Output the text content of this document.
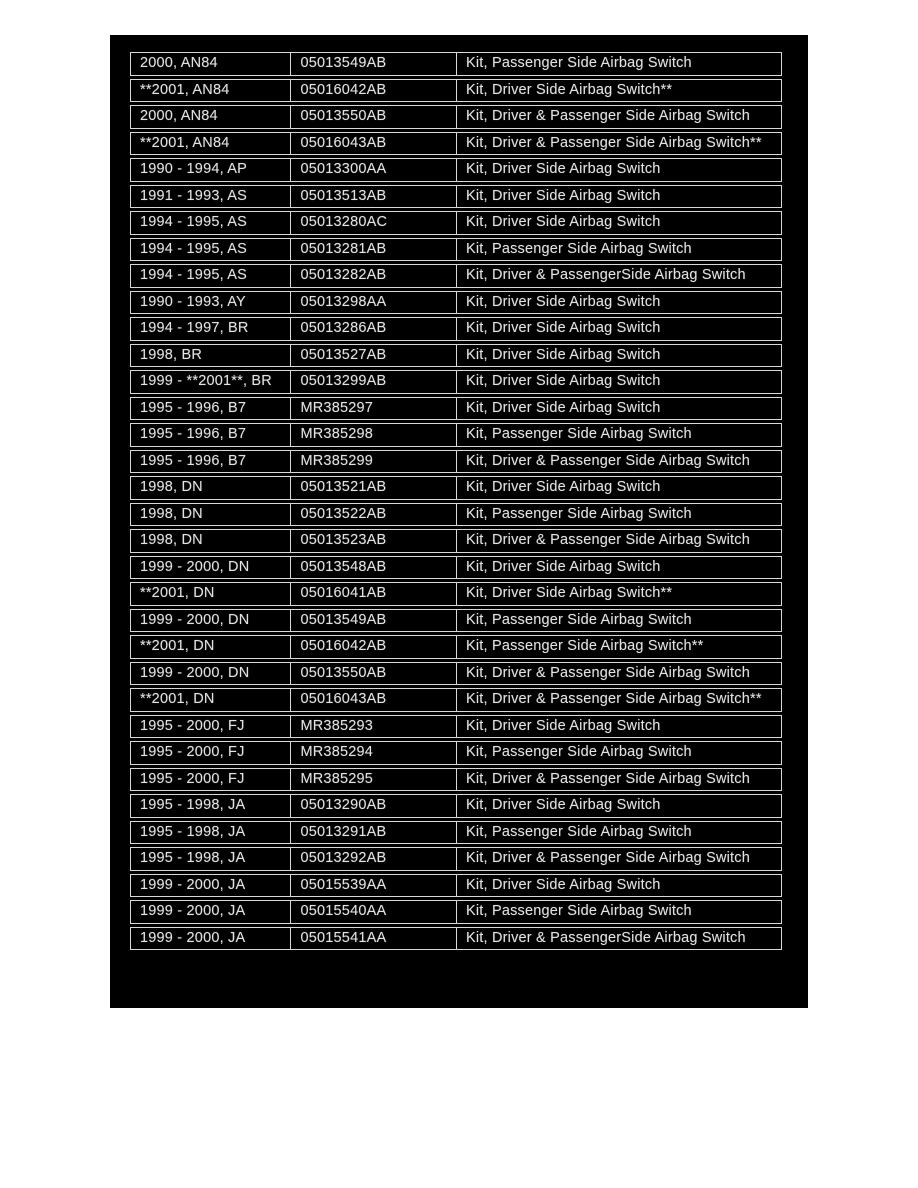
2000, AN84	05013549AB	Kit, Passenger Side Airbag Switch
**2001, AN84	05016042AB	Kit, Driver Side Airbag Switch**
2000, AN84	05013550AB	Kit, Driver & Passenger Side Airbag Switch
**2001, AN84	05016043AB	Kit, Driver & Passenger Side Airbag Switch**
1990 - 1994, AP	05013300AA	Kit, Driver Side Airbag Switch
1991 - 1993, AS	05013513AB	Kit, Driver Side Airbag Switch
1994 - 1995, AS	05013280AC	Kit, Driver Side Airbag Switch
1994 - 1995, AS	05013281AB	Kit, Passenger Side Airbag Switch
1994 - 1995, AS	05013282AB	Kit, Driver & PassengerSide Airbag Switch
1990 - 1993, AY	05013298AA	Kit, Driver Side Airbag Switch
1994 - 1997, BR	05013286AB	Kit, Driver Side Airbag Switch
1998, BR	05013527AB	Kit, Driver Side Airbag Switch
1999 - **2001**, BR	05013299AB	Kit, Driver Side Airbag Switch
1995 - 1996, B7	MR385297	Kit, Driver Side Airbag Switch
1995 - 1996, B7	MR385298	Kit, Passenger Side Airbag Switch
1995 - 1996, B7	MR385299	Kit, Driver & Passenger Side Airbag Switch
1998, DN	05013521AB	Kit, Driver Side Airbag Switch
1998, DN	05013522AB	Kit, Passenger Side Airbag Switch
1998, DN	05013523AB	Kit, Driver & Passenger Side Airbag Switch
1999 - 2000, DN	05013548AB	Kit, Driver Side Airbag Switch
**2001, DN	05016041AB	Kit, Driver Side Airbag Switch**
1999 - 2000, DN	05013549AB	Kit, Passenger Side Airbag Switch
**2001, DN	05016042AB	Kit, Passenger Side Airbag Switch**
1999 - 2000, DN	05013550AB	Kit, Driver & Passenger Side Airbag Switch
**2001, DN	05016043AB	Kit, Driver & Passenger Side Airbag Switch**
1995 - 2000, FJ	MR385293	Kit, Driver Side Airbag Switch
1995 - 2000, FJ	MR385294	Kit, Passenger Side Airbag Switch
1995 - 2000, FJ	MR385295	Kit, Driver & Passenger Side Airbag Switch
1995 - 1998, JA	05013290AB	Kit, Driver Side Airbag Switch
1995 - 1998, JA	05013291AB	Kit, Passenger Side Airbag Switch
1995 - 1998, JA	05013292AB	Kit, Driver & Passenger Side Airbag Switch
1999 - 2000, JA	05015539AA	Kit, Driver Side Airbag Switch
1999 - 2000, JA	05015540AA	Kit, Passenger Side Airbag Switch
1999 - 2000, JA	05015541AA	Kit, Driver & PassengerSide Airbag Switch
